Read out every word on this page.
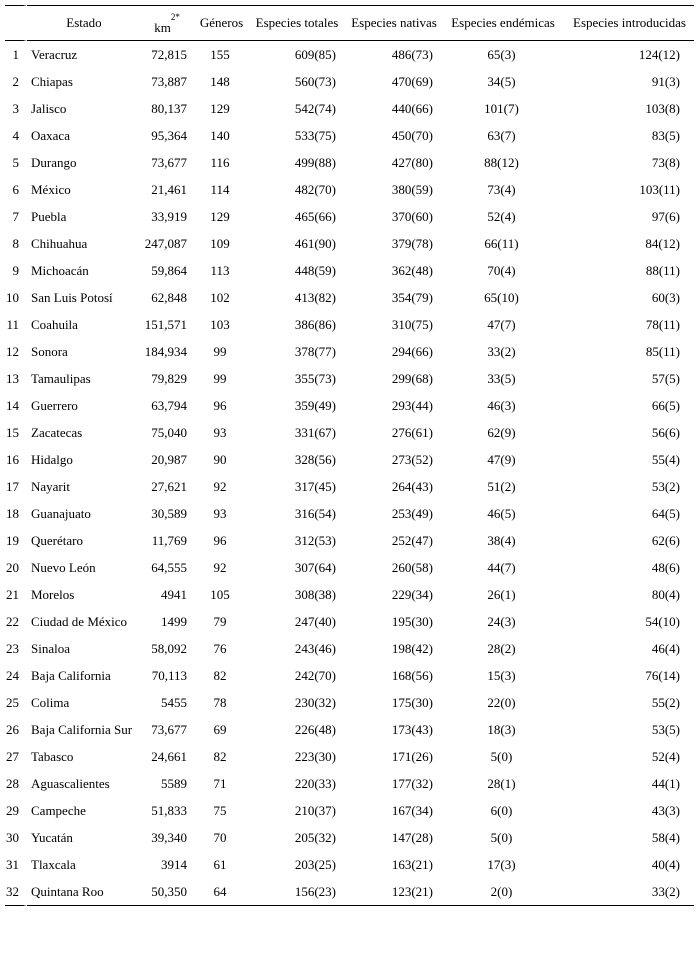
	Estado	$km^{2*}$	Géneros	Especies totales	Especies nativas	Especies endémicas	Especies introducidas
1	Veracruz	72,815	155	609(85)	486(73)	65(3)	124(12)
2	Chiapas	73,887	148	560(73)	470(69)	34(5)	91(3)
3	Jalisco	80,137	129	542(74)	440(66)	101(7)	103(8)
4	Oaxaca	95,364	140	533(75)	450(70)	63(7)	83(5)
5	Durango	73,677	116	499(88)	427(80)	88(12)	73(8)
6	México	21,461	114	482(70)	380(59)	73(4)	103(11)
7	Puebla	33,919	129	465(66)	370(60)	52(4)	97(6)
8	Chihuahua	247,087	109	461(90)	379(78)	66(11)	84(12)
9	Michoacán	59,864	113	448(59)	362(48)	70(4)	88(11)
10	San Luis Potosí	62,848	102	413(82)	354(79)	65(10)	60(3)
11	Coahuila	151,571	103	386(86)	310(75)	47(7)	78(11)
12	Sonora	184,934	99	378(77)	294(66)	33(2)	85(11)
13	Tamaulipas	79,829	99	355(73)	299(68)	33(5)	57(5)
14	Guerrero	63,794	96	359(49)	293(44)	46(3)	66(5)
15	Zacatecas	75,040	93	331(67)	276(61)	62(9)	56(6)
16	Hidalgo	20,987	90	328(56)	273(52)	47(9)	55(4)
17	Nayarit	27,621	92	317(45)	264(43)	51(2)	53(2)
18	Guanajuato	30,589	93	316(54)	253(49)	46(5)	64(5)
19	Querétaro	11,769	96	312(53)	252(47)	38(4)	62(6)
20	Nuevo León	64,555	92	307(64)	260(58)	44(7)	48(6)
21	Morelos	4941	105	308(38)	229(34)	26(1)	80(4)
22	Ciudad de México	1499	79	247(40)	195(30)	24(3)	54(10)
23	Sinaloa	58,092	76	243(46)	198(42)	28(2)	46(4)
24	Baja California	70,113	82	242(70)	168(56)	15(3)	76(14)
25	Colima	5455	78	230(32)	175(30)	22(0)	55(2)
26	Baja California Sur	73,677	69	226(48)	173(43)	18(3)	53(5)
27	Tabasco	24,661	82	223(30)	171(26)	5(0)	52(4)
28	Aguascalientes	5589	71	220(33)	177(32)	28(1)	44(1)
29	Campeche	51,833	75	210(37)	167(34)	6(0)	43(3)
30	Yucatán	39,340	70	205(32)	147(28)	5(0)	58(4)
31	Tlaxcala	3914	61	203(25)	163(21)	17(3)	40(4)
32	Quintana Roo	50,350	64	156(23)	123(21)	2(0)	33(2)
